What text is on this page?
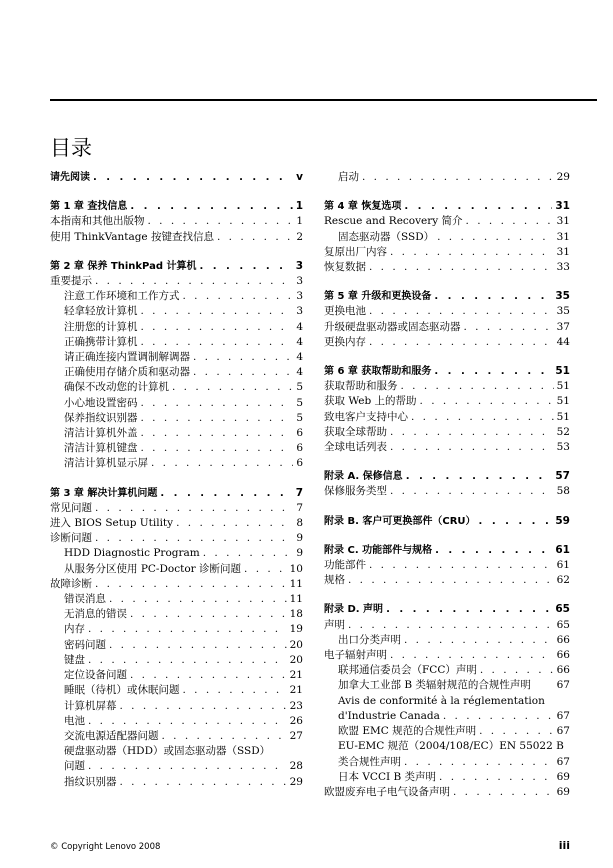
目录
请先阅读 . . .	v
第 1 章 查找信息 . . .	1
本指南和其他出版物 . . .	1
使用 ThinkVantage 按键查找信息 . . .	2
第 2 章 保养 ThinkPad 计算机 . . .	3
重要提示 . . .	3
注意工作环境和工作方式 . . .	3
轻拿轻放计算机 . . .	3
注册您的计算机 . . .	4
正确携带计算机 . . .	4
请正确连接内置调制解调器 . . .	4
正确使用存储介质和驱动器 . . .	4
确保不改动您的计算机 . . .	5
小心地设置密码 . . .	5
保养指纹识别器 . . .	5
清洁计算机外盖 . . .	6
清洁计算机键盘 . . .	6
清洁计算机显示屏 . . .	6
第 3 章 解决计算机问题 . . .	7
常见问题 . . .	7
进入 BIOS Setup Utility . . .	8
诊断问题 . . .	9
HDD Diagnostic Program . . .	9
从服务分区使用 PC-Doctor 诊断问题 . . .	10
故障诊断 . . .	11
错误消息 . . .	11
无消息的错误 . . .	18
内存 . . .	19
密码问题 . . .	20
键盘 . . .	20
定位设备问题 . . .	21
睡眠（待机）或休眠问题 . . .	21
计算机屏幕 . . .	23
电池 . . .	26
交流电源适配器问题 . . .	27
硬盘驱动器（HDD）或固态驱动器（SSD）
问题 . . .	28
指纹识别器 . . .	29
启动 . . .	29
第 4 章 恢复选项 . . .	31
Rescue and Recovery 简介 . . .	31
固态驱动器（SSD） . . .	31
复原出厂内容 . . .	31
恢复数据 . . .	33
第 5 章 升级和更换设备 . . .	35
更换电池 . . .	35
升级硬盘驱动器或固态驱动器 . . .	37
更换内存 . . .	44
第 6 章 获取帮助和服务 . . .	51
获取帮助和服务 . . .	51
获取 Web 上的帮助 . . .	51
致电客户支持中心 . . .	51
获取全球帮助 . . .	52
全球电话列表 . . .	53
附录 A. 保修信息 . . .	57
保修服务类型 . . .	58
附录 B. 客户可更换部件（CRU） . . .	59
附录 C. 功能部件与规格 . . .	61
功能部件 . . .	61
规格 . . .	62
附录 D. 声明 . . .	65
声明 . . .	65
出口分类声明 . . .	66
电子辐射声明 . . .	66
联邦通信委员会（FCC）声明 . . .	66
加拿大工业部 B 类辐射规范的合规性声明 67
Avis de conformité à la réglementation
d'Industrie Canada . . .	67
欧盟 EMC 规范的合规性声明 . . .	67
EU-EMC 规范（2004/108/EC）EN 55022 B
类合规性声明 . . .	67
日本 VCCI B 类声明 . . .	69
欧盟废弃电子电气设备声明 . . .	69
© Copyright Lenovo 2008	iii
